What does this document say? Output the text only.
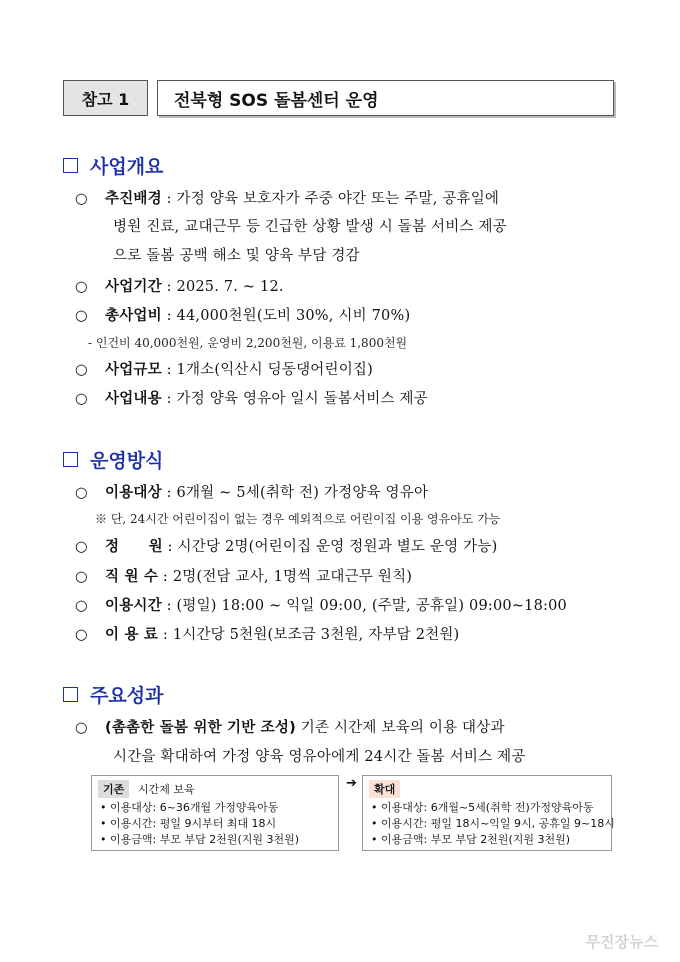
참고 1	전북형 SOS 돌봄센터 운영
사업개요
○ 추진배경 : 가정 양육 보호자가 주중 야간 또는 주말, 공휴일에
병원 진료, 교대근무 등 긴급한 상황 발생 시 돌봄 서비스 제공
으로 돌봄 공백 해소 및 양육 부담 경감
○ 사업기간 : 2025. 7. ~ 12.
○ 총사업비 : 44,000천원(도비 30%, 시비 70%)
- 인건비 40,000천원, 운영비 2,200천원, 이용료 1,800천원
○ 사업규모 : 1개소(익산시 딩동댕어린이집)
○ 사업내용 : 가정 양육 영유아 일시 돌봄서비스 제공
운영방식
○ 이용대상 : 6개월 ~ 5세(취학 전) 가정양육 영유아
※ 단, 24시간 어린이집이 없는 경우 예외적으로 어린이집 이용 영유아도 가능
○ 정　　원 : 시간당 2명(어린이집 운영 정원과 별도 운영 가능)
○ 직 원 수 : 2명(전담 교사, 1명씩 교대근무 원칙)
○ 이용시간 : (평일) 18:00 ~ 익일 09:00, (주말, 공휴일) 09:00~18:00
○ 이 용 료 : 1시간당 5천원(보조금 3천원, 자부담 2천원)
주요성과
○ (촘촘한 돌봄 위한 기반 조성) 기존 시간제 보육의 이용 대상과
시간을 확대하여 가정 양육 영유아에게 24시간 돌봄 서비스 제공
기존	시간제 보육
• 이용대상: 6~36개월 가정양육아동
• 이용시간: 평일 9시부터 최대 18시
• 이용금액: 부모 부담 2천원(지원 3천원)
➔	확대
• 이용대상: 6개월~5세(취학 전)가정양육아동
• 이용시간: 평일 18시~익일 9시, 공휴일 9~18시
• 이용금액: 부모 부담 2천원(지원 3천원)
무진장뉴스
